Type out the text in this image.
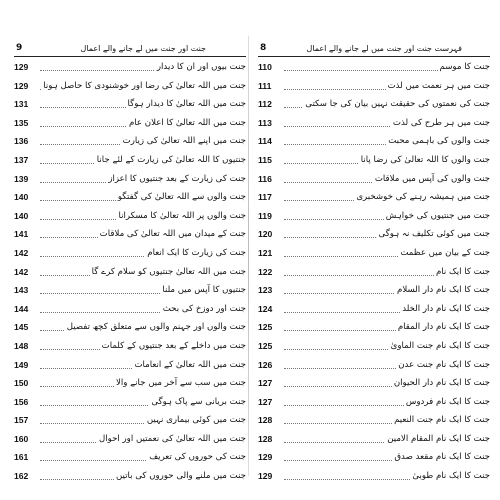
9	جنت اور جنت میں لے جانے والے اعمال
129	جنت بیوں اور ان کا دیدار
129	جنت میں اللہ تعالیٰ کی رضا اور خوشنودی کا حاصل ہونا
131	جنت میں اللہ تعالیٰ کا دیدار ہوگا
135	جنت میں اللہ تعالیٰ کا اعلان عام
136	جنت میں اپنے اللہ تعالیٰ کی زیارت
137	جنتیوں کا اللہ تعالیٰ کی زیارت کے لئے جانا
139	جنت کی زیارت کے بعد جنتیوں کا اعزاز
140	جنت والوں سے اللہ تعالیٰ کی گفتگو
140	جنت والوں پر اللہ تعالیٰ کا مسکرانا
141	جنت کے میدان میں اللہ تعالیٰ کی ملاقات
142	جنت کی زیارت کا ایک انعام
142	جنت میں اللہ تعالیٰ جنتیوں کو سلام کرے گا
143	جنتیوں کا آپس میں ملنا
144	جنت اور دوزخ کی بحث
145	جنت والوں اور جہنم والوں سے متعلق کچھ تفصیل
148	جنت میں داخلے کے بعد جنتیوں کے کلمات
149	جنت میں اللہ تعالیٰ کے انعامات
150	جنت میں سب سے آخر میں جانے والا
156	جنت بریانی سے پاک ہوگی
157	جنت میں کوئی بیماری نہیں
160	جنت میں اللہ تعالیٰ کی نعمتیں اور احوال
161	جنت کی حوروں کی تعریف
162	جنت میں ملنے والی حوروں کی باتیں
8	فہرست جنت اور جنت میں لے جانے والے اعمال
110	جنت کا موسم
111	جنت میں ہر نعمت میں لذت
112	جنت کی نعمتوں کی حقیقت نہیں بیان کی جا سکتی
113	جنت میں ہر طرح کی لذت
114	جنت والوں کی باہمی محبت
115	جنت والوں کا اللہ تعالیٰ کی رضا پانا
116	جنت والوں کی آپس میں ملاقات
117	جنت میں ہمیشہ رہنے کی خوشخبری
119	جنت میں جنتیوں کی خواہش
120	جنت میں کوئی تکلیف نہ ہوگی
121	جنت کے بیان میں عظمت
122	جنت کا ایک نام
123	جنت کا ایک نام دار السلام
124	جنت کا ایک نام دار الخلد
125	جنت کا ایک نام دار المقام
125	جنت کا ایک نام جنت الماویٰ
126	جنت کا ایک نام جنت عدن
127	جنت کا ایک نام دار الحیوان
127	جنت کا ایک نام فردوس
128	جنت کا ایک نام جنت النعیم
128	جنت کا ایک نام المقام الامین
129	جنت کا ایک نام مقعد صدق
129	جنت کا ایک نام طوبیٰ
